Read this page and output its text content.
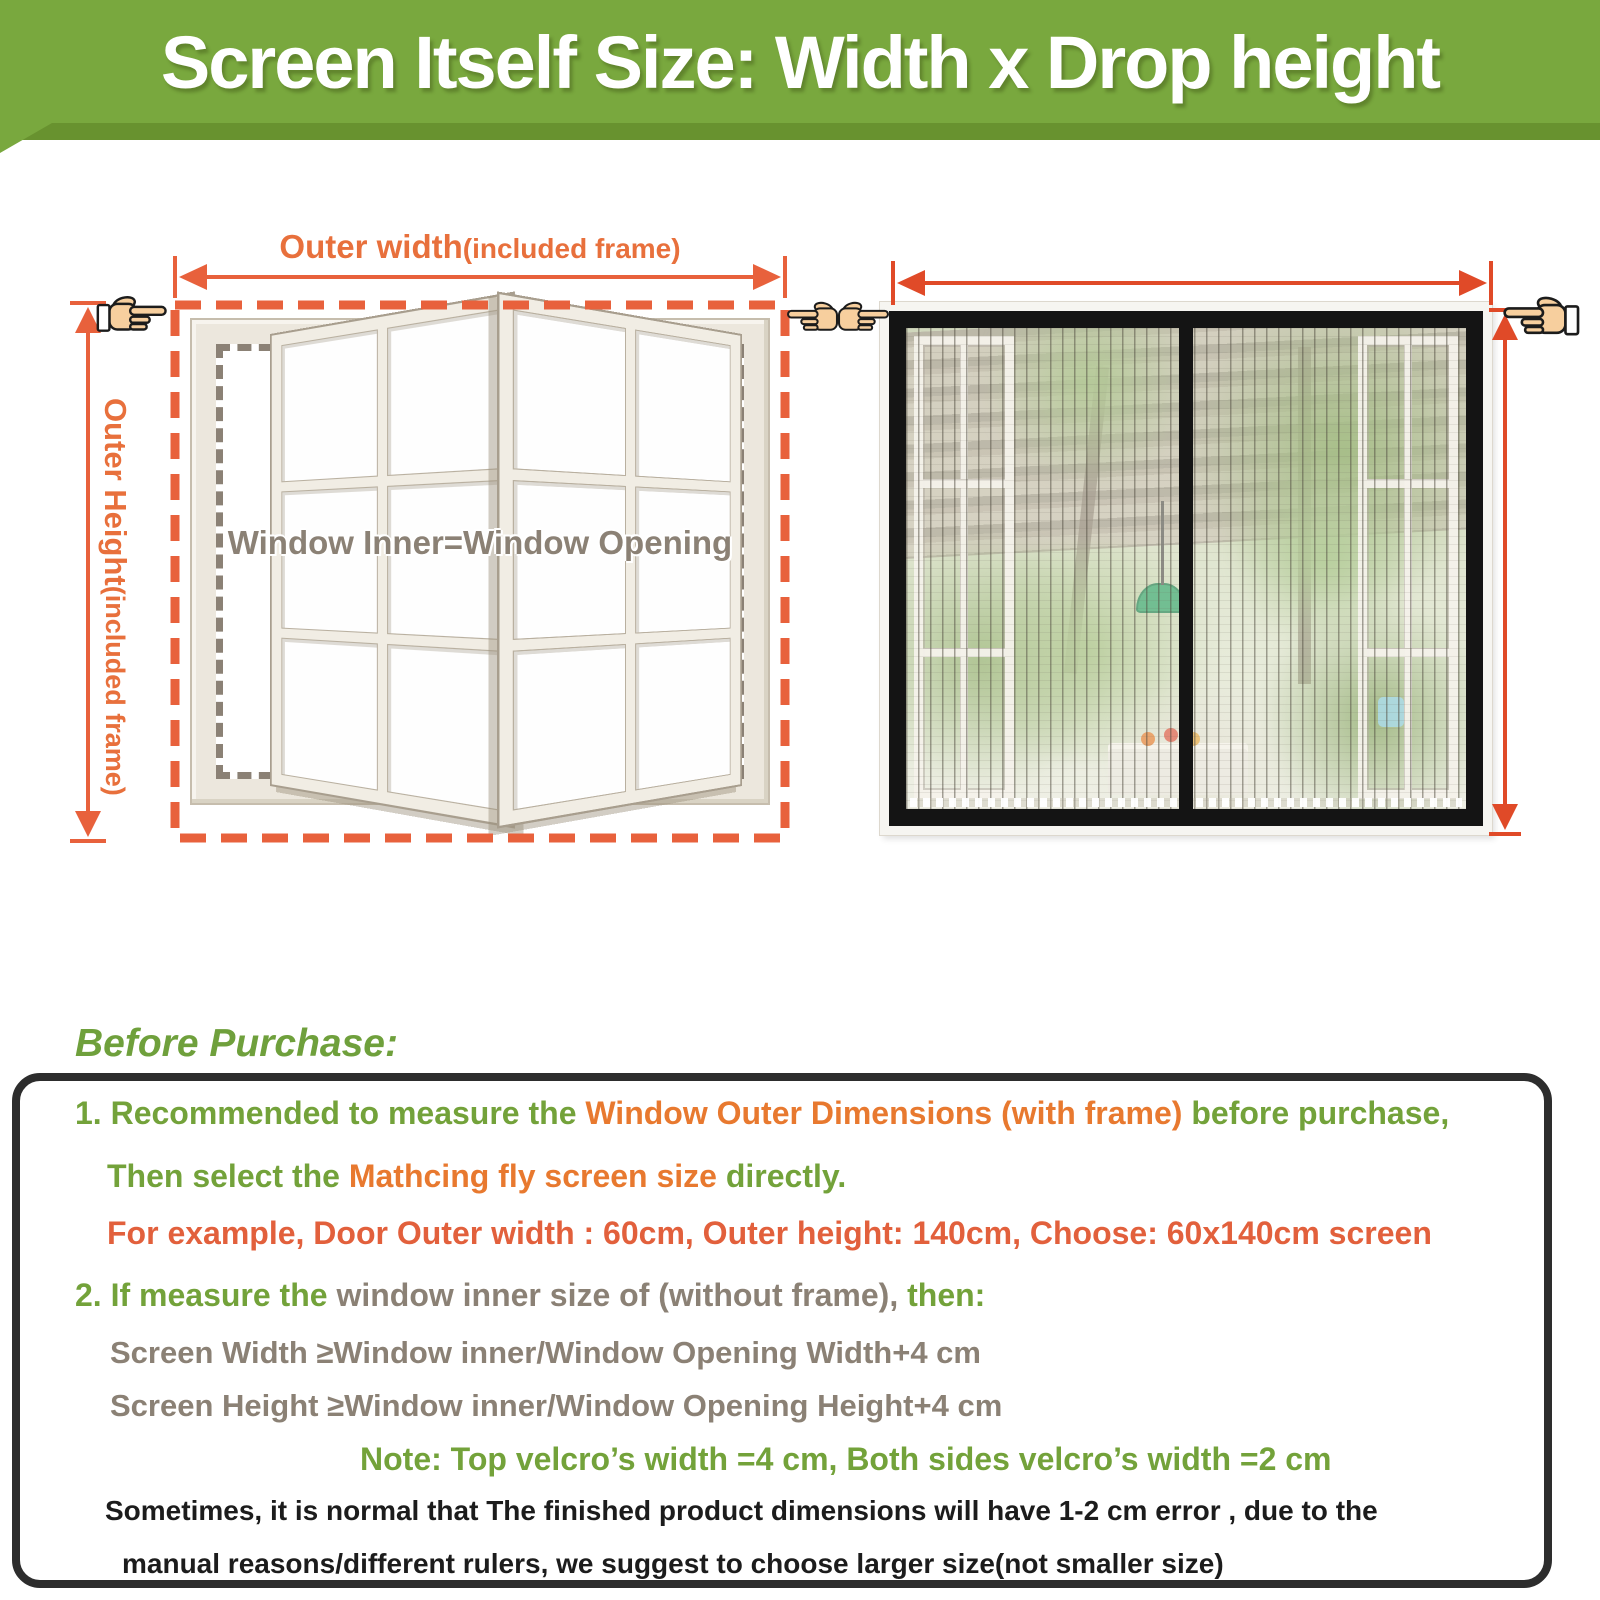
Screen Itself Size: Width x Drop height
Outer width(included frame)
Outer Height(included frame)
Window Inner=Window Opening
Before Purchase:

1. Recommended to measure the Window Outer Dimensions (with frame) before purchase,

Then select the Mathcing fly screen size directly.

For example, Door Outer width : 60cm, Outer height: 140cm, Choose: 60x140cm screen

2. If measure the window inner size of (without frame), then:

Screen Width ≥Window inner/Window Opening Width+4 cm

Screen Height ≥Window inner/Window Opening Height+4 cm

Note: Top velcro’s width =4 cm, Both sides velcro’s width =2 cm

Sometimes, it is normal that The finished product dimensions will have 1-2 cm error , due to the

manual reasons/different rulers, we suggest to choose larger size(not smaller size)
